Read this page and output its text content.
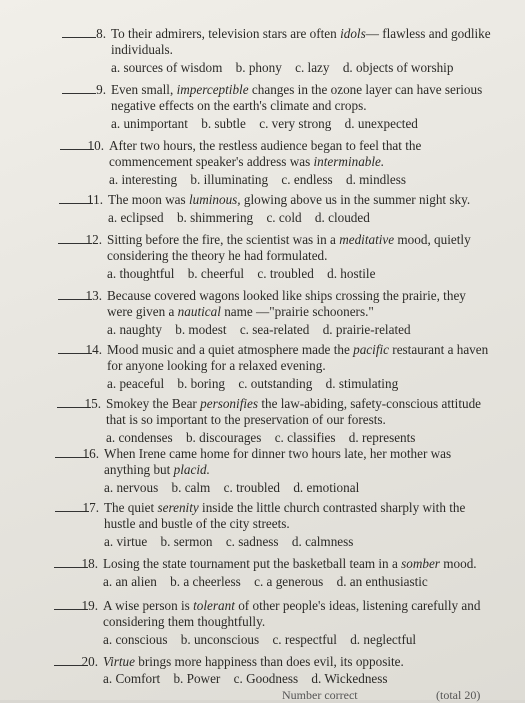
8. To their admirers, television stars are often idols— flawless and godlike individuals.
a. sources of wisdom b. phony c. lazy d. objects of worship
9. Even small, imperceptible changes in the ozone layer can have serious negative effects on the earth's climate and crops.
a. unimportant b. subtle c. very strong d. unexpected
10. After two hours, the restless audience began to feel that the commencement speaker's address was interminable.
a. interesting b. illuminating c. endless d. mindless
11. The moon was luminous, glowing above us in the summer night sky.
a. eclipsed b. shimmering c. cold d. clouded
12. Sitting before the fire, the scientist was in a meditative mood, quietly considering the theory he had formulated.
a. thoughtful b. cheerful c. troubled d. hostile
13. Because covered wagons looked like ships crossing the prairie, they were given a nautical name —"prairie schooners."
a. naughty b. modest c. sea-related d. prairie-related
14. Mood music and a quiet atmosphere made the pacific restaurant a haven for anyone looking for a relaxed evening.
a. peaceful b. boring c. outstanding d. stimulating
15. Smokey the Bear personifies the law-abiding, safety-conscious attitude that is so important to the preservation of our forests.
a. condenses b. discourages c. classifies d. represents
16. When Irene came home for dinner two hours late, her mother was anything but placid.
a. nervous b. calm c. troubled d. emotional
17. The quiet serenity inside the little church contrasted sharply with the hustle and bustle of the city streets.
a. virtue b. sermon c. sadness d. calmness
18. Losing the state tournament put the basketball team in a somber mood.
a. an alien b. a cheerless c. a generous d. an enthusiastic
19. A wise person is tolerant of other people's ideas, listening carefully and considering them thoughtfully.
a. conscious b. unconscious c. respectful d. neglectful
20. Virtue brings more happiness than does evil, its opposite.
a. Comfort b. Power c. Goodness d. Wickedness
Number correct	(total 20)
